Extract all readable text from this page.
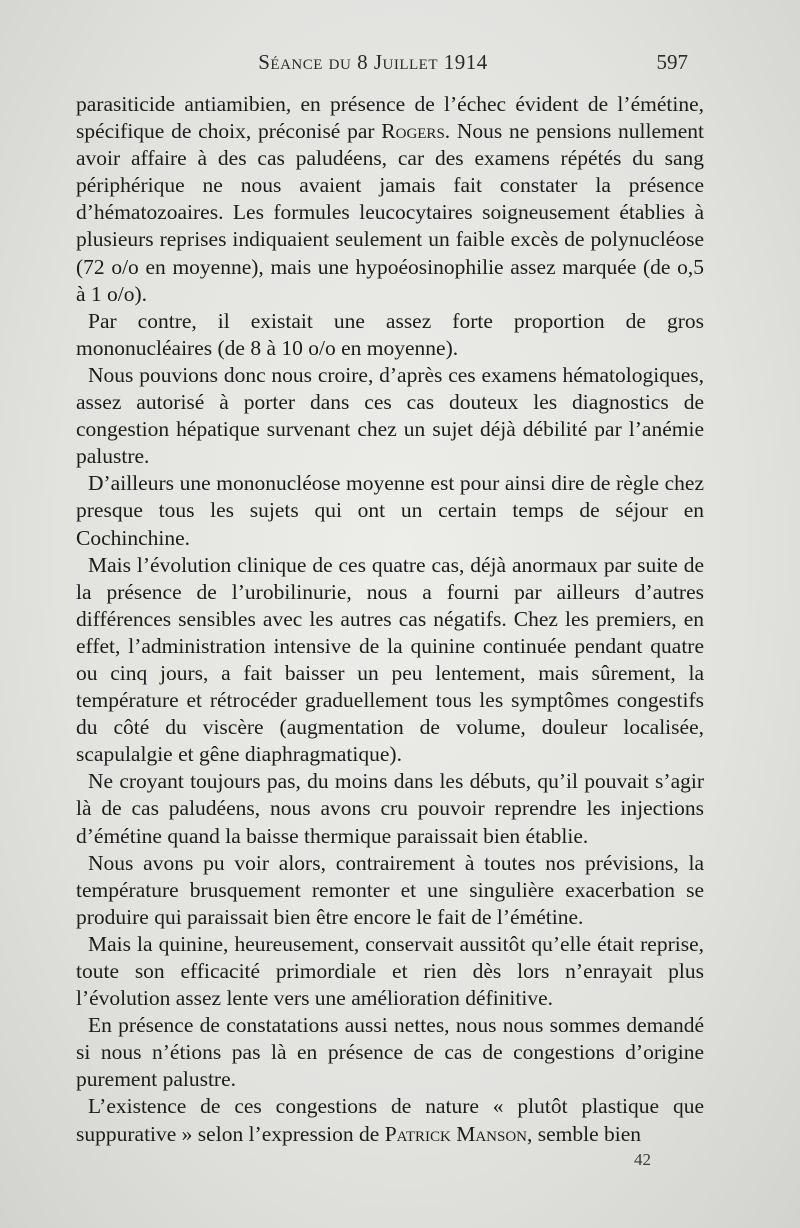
Séance du 8 Juillet 1914	597

parasiticide antiamibien, en présence de l’échec évident de l’émétine, spécifique de choix, préconisé par Rogers. Nous ne pensions nullement avoir affaire à des cas paludéens, car des examens répétés du sang périphérique ne nous avaient jamais fait constater la présence d’hématozoaires. Les formules leucocytaires soigneusement établies à plusieurs reprises indiquaient seulement un faible excès de polynucléose (72 o/o en moyenne), mais une hypoéosinophilie assez marquée (de o,5 à 1 o/o).

Par contre, il existait une assez forte proportion de gros mononucléaires (de 8 à 10 o/o en moyenne).

Nous pouvions donc nous croire, d’après ces examens hématologiques, assez autorisé à porter dans ces cas douteux les diagnostics de congestion hépatique survenant chez un sujet déjà débilité par l’anémie palustre.

D’ailleurs une mononucléose moyenne est pour ainsi dire de règle chez presque tous les sujets qui ont un certain temps de séjour en Cochinchine.

Mais l’évolution clinique de ces quatre cas, déjà anormaux par suite de la présence de l’urobilinurie, nous a fourni par ailleurs d’autres différences sensibles avec les autres cas négatifs. Chez les premiers, en effet, l’administration intensive de la quinine continuée pendant quatre ou cinq jours, a fait baisser un peu lentement, mais sûrement, la température et rétrocéder graduellement tous les symptômes congestifs du côté du viscère (augmentation de volume, douleur localisée, scapulalgie et gêne diaphragmatique).

Ne croyant toujours pas, du moins dans les débuts, qu’il pouvait s’agir là de cas paludéens, nous avons cru pouvoir reprendre les injections d’émétine quand la baisse thermique paraissait bien établie.

Nous avons pu voir alors, contrairement à toutes nos prévisions, la température brusquement remonter et une singulière exacerbation se produire qui paraissait bien être encore le fait de l’émétine.

Mais la quinine, heureusement, conservait aussitôt qu’elle était reprise, toute son efficacité primordiale et rien dès lors n’enrayait plus l’évolution assez lente vers une amélioration définitive.

En présence de constatations aussi nettes, nous nous sommes demandé si nous n’étions pas là en présence de cas de congestions d’origine purement palustre.

L’existence de ces congestions de nature « plutôt plastique que suppurative » selon l’expression de Patrick Manson, semble bien

42
